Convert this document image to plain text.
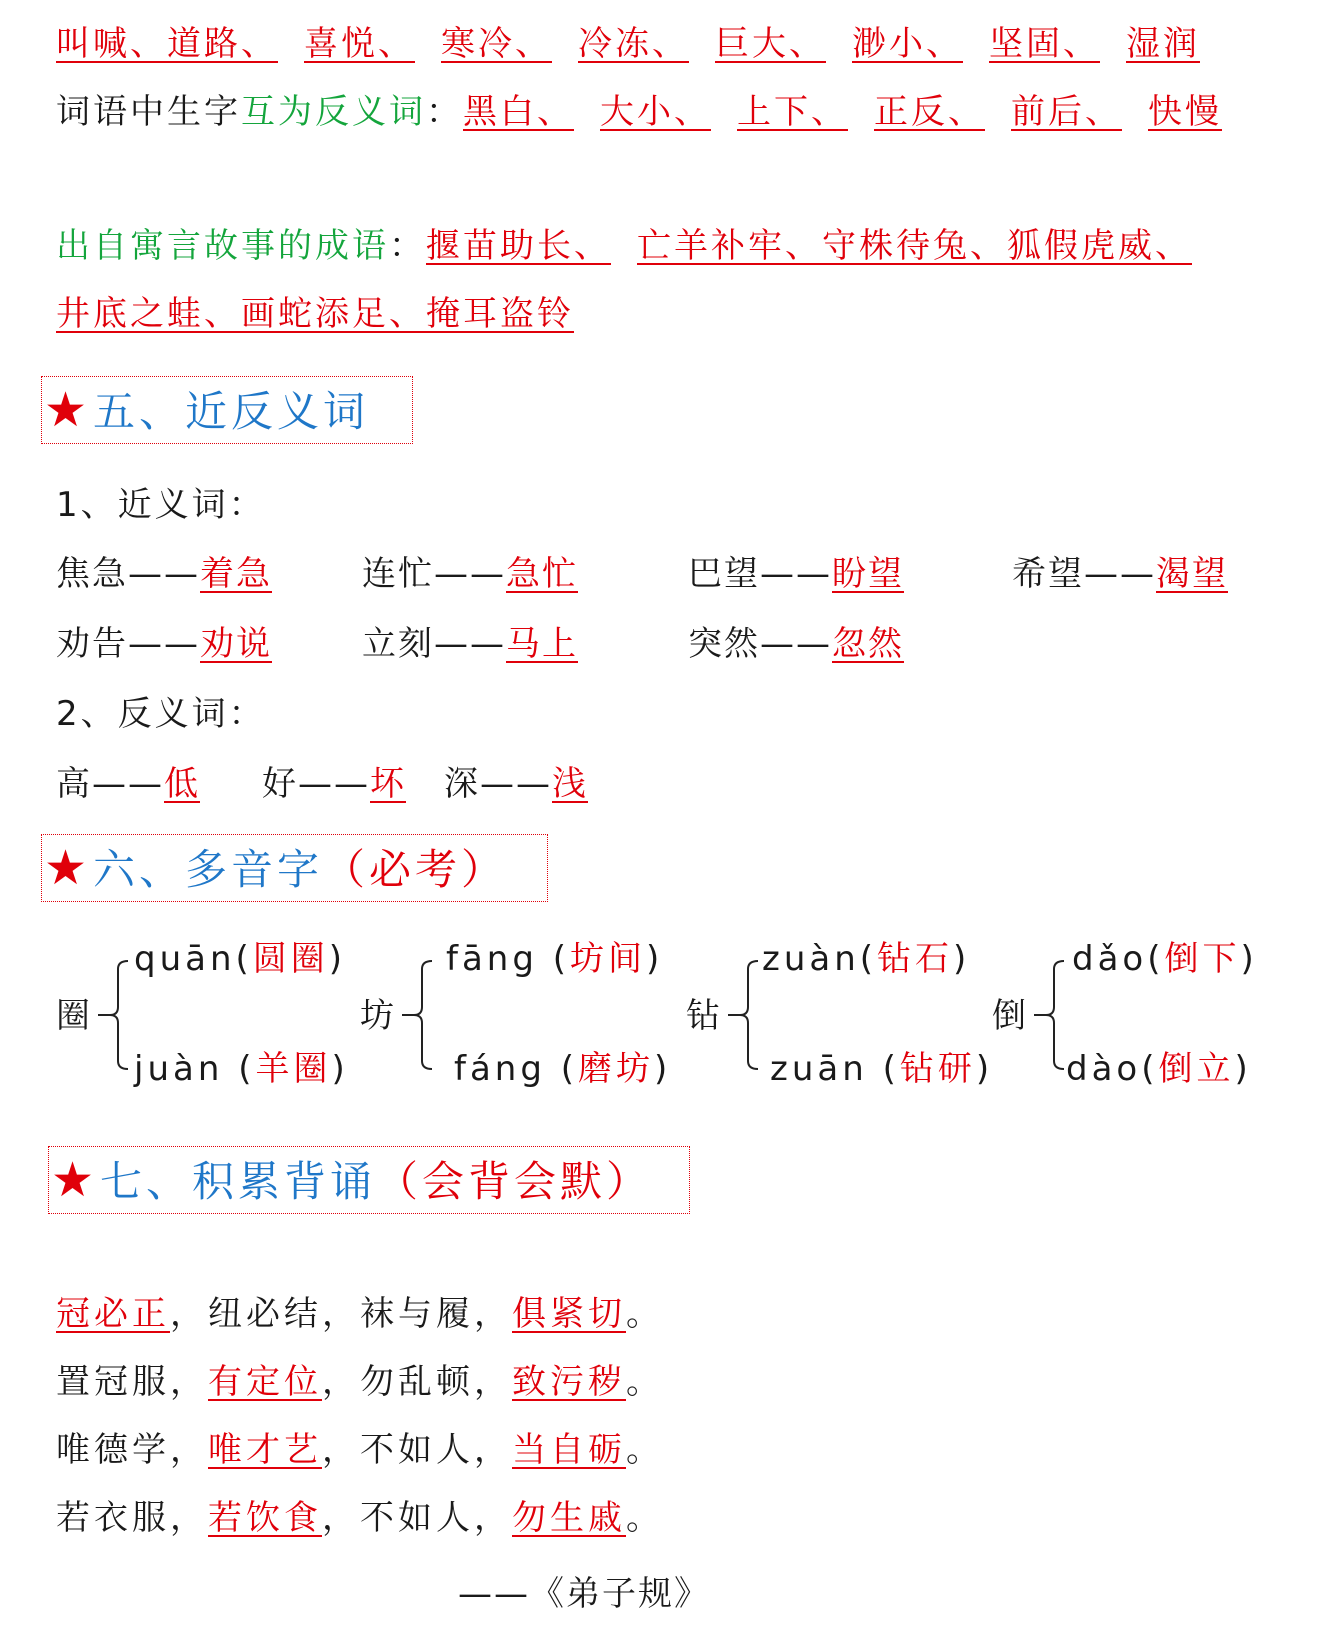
叫喊、道路、 喜悦、 寒冷、 冷冻、 巨大、 渺小、 坚固、 湿润
词语中生字互为反义词：黑白、 大小、 上下、 正反、 前后、 快慢
出自寓言故事的成语：揠苗助长、 亡羊补牢、守株待兔、狐假虎威、
井底之蛙、画蛇添足、掩耳盗铃
★五、近反义词
1、近义词：
焦急——着急	连忙——急忙	巴望——盼望	希望——渴望
劝告——劝说	立刻——马上	突然——忽然
2、反义词：
高——低 好——坏 深——浅
★六、多音字（必考）
圈
quān(圆圈)
juàn (羊圈)
坊
fāng (坊间)
fáng (磨坊)
钻
zuàn(钻石)
zuān (钻研)
倒
dǎo(倒下)
dào(倒立)
★七、积累背诵（会背会默）
冠必正，纽必结，袜与履，俱紧切。
置冠服，有定位，勿乱顿，致污秽。
唯德学，唯才艺，不如人，当自砺。
若衣服，若饮食，不如人，勿生戚。
——《弟子规》
